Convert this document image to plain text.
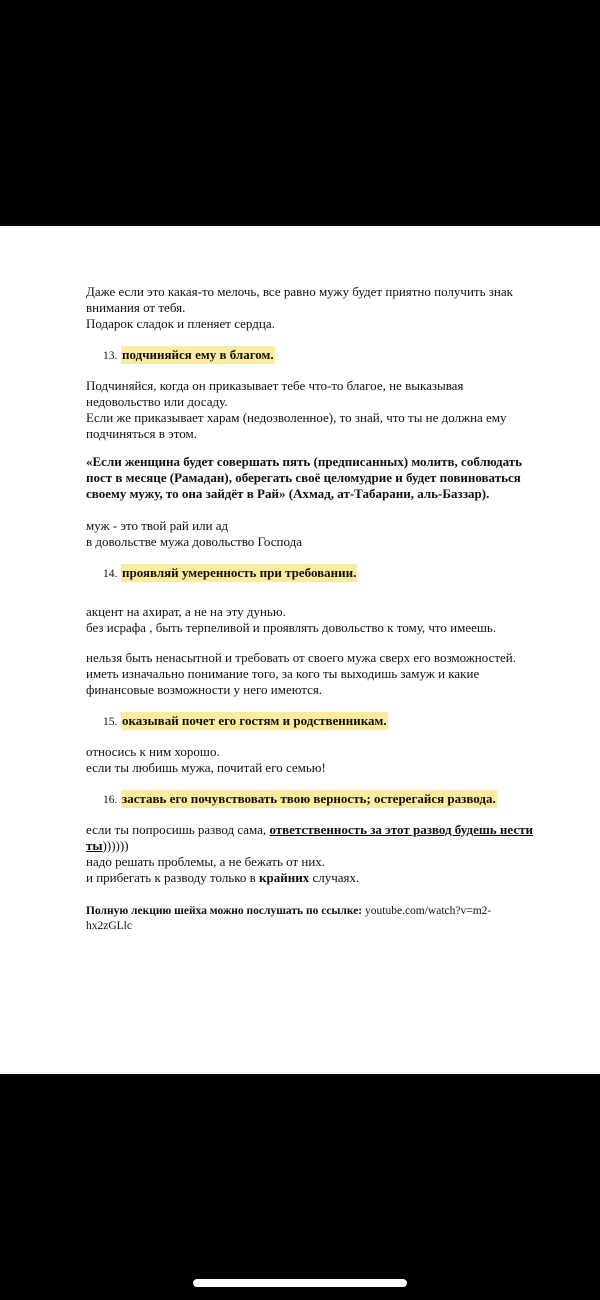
Даже если это какая-то мелочь, все равно мужу будет приятно получить знак
внимания от тебя.
Подарок сладок и пленяет сердца.

13. подчиняйся ему в благом.

Подчиняйся, когда он приказывает тебе что-то благое, не выказывая
недовольство или досаду.
Если же приказывает харам (недозволенное), то знай, что ты не должна ему
подчиняться в этом.

«Если женщина будет совершать пять (предписанных) молитв, соблюдать
пост в месяце (Рамадан), оберегать своё целомудрие и будет повиноваться
своему мужу, то она зайдёт в Рай» (Ахмад, ат-Табарани, аль-Баззар).

муж - это твой рай или ад
в довольстве мужа довольство Господа

14. проявляй умеренность при требовании.

акцент на ахират, а не на эту дунью.
без исрафа , быть терпеливой и проявлять довольство к тому, что имеешь.

нельзя быть ненасытной и требовать от своего мужа сверх его возможностей.
иметь изначально понимание того, за кого ты выходишь замуж и какие
финансовые возможности у него имеются.

15. оказывай почет его гостям и родственникам.

относись к ним хорошо.
если ты любишь мужа, почитай его семью!

16. заставь его почувствовать твою верность; остерегайся развода.

если ты попросишь развод сама, ответственность за этот развод будешь нести
ты))))))
надо решать проблемы, а не бежать от них.
и прибегать к разводу только в крайних случаях.

Полную лекцию шейха можно послушать по ссылке: youtube.com/watch?v=m2-
hx2zGLlc
